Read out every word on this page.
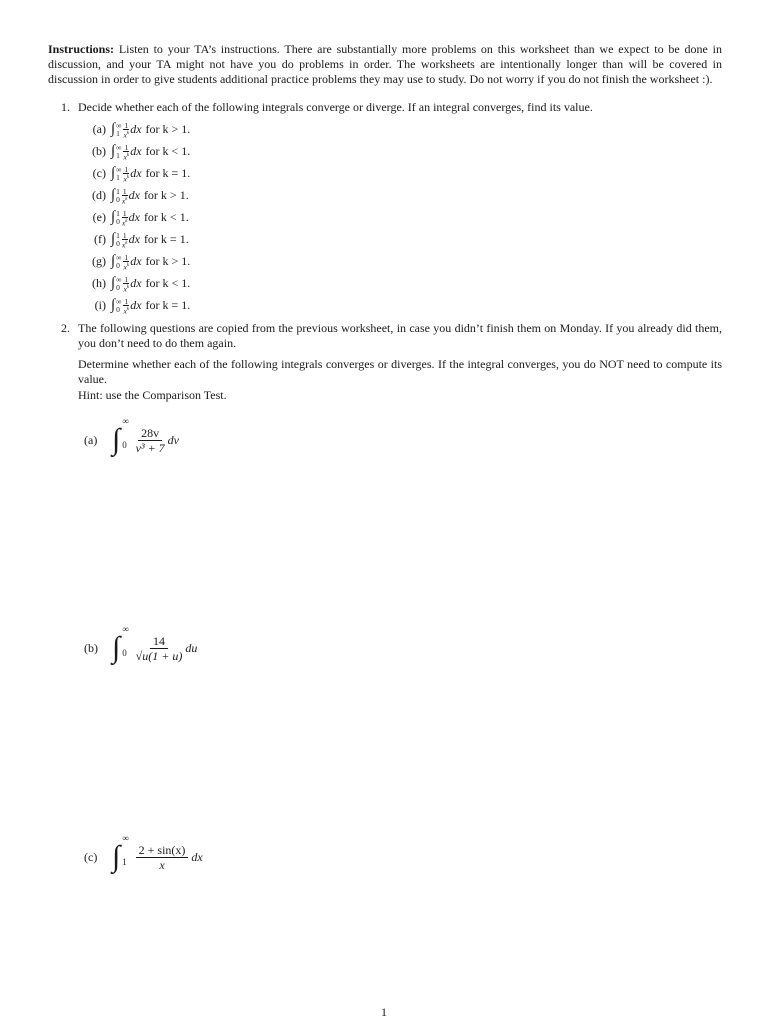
Instructions: Listen to your TA’s instructions. There are substantially more problems on this worksheet than we expect to be done in discussion, and your TA might not have you do problems in order. The worksheets are intentionally longer than will be covered in discussion in order to give students additional practice problems they may use to study. Do not worry if you do not finish the worksheet :).

1. Decide whether each of the following integrals converge or diverge. If an integral converges, find its value.

(a) ∫ ∞
$1 \frac{1}{x^k}$ dx for k > 1.
(b) ∫ ∞
$1 \frac{1}{x^k}$ dx for k < 1.
(c) ∫ ∞
$1 \frac{1}{x^k}$ dx for k = 1.
(d) ∫ 1
$0 \frac{1}{x^k}$ dx for k > 1.
(e) ∫ 1
$0 \frac{1}{x^k}$ dx for k < 1.
(f) ∫ 1
$0 \frac{1}{x^k}$ dx for k = 1.
(g) ∫ ∞
$0 \frac{1}{x^k}$ dx for k > 1.
(h) ∫ ∞
$0 \frac{1}{x^k}$ dx for k < 1.
(i) ∫ ∞
$0 \frac{1}{x^k}$ dx for k = 1.
2. The following questions are copied from the previous worksheet, in case you didn’t finish them on Monday. If you already did them, you don’t need to do them again.

Determine whether each of the following integrals converges or diverges. If the integral converges, you do NOT need to compute its value.

Hint: use the Comparison Test.

(a) ∫
∞
$0 \frac{28v}{\text{v³ + 7}}$ dv
(b) ∫
∞
$0 \frac{14}{√u(1 + u)}$ du
(c) ∫
∞
$1 \frac{2 + \sin(x)}{x}$ dx
1
